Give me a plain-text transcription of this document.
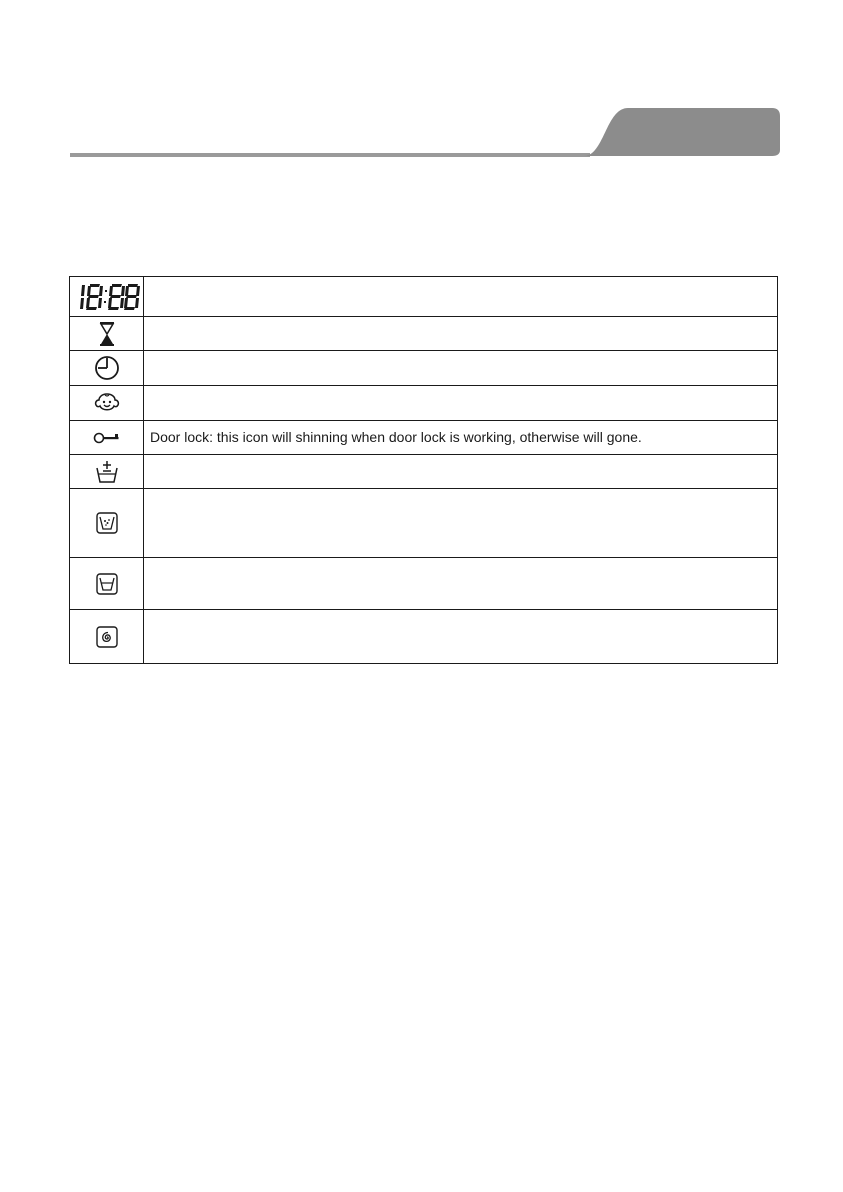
	Door lock: this icon will shinning when door lock is working, otherwise will gone.
